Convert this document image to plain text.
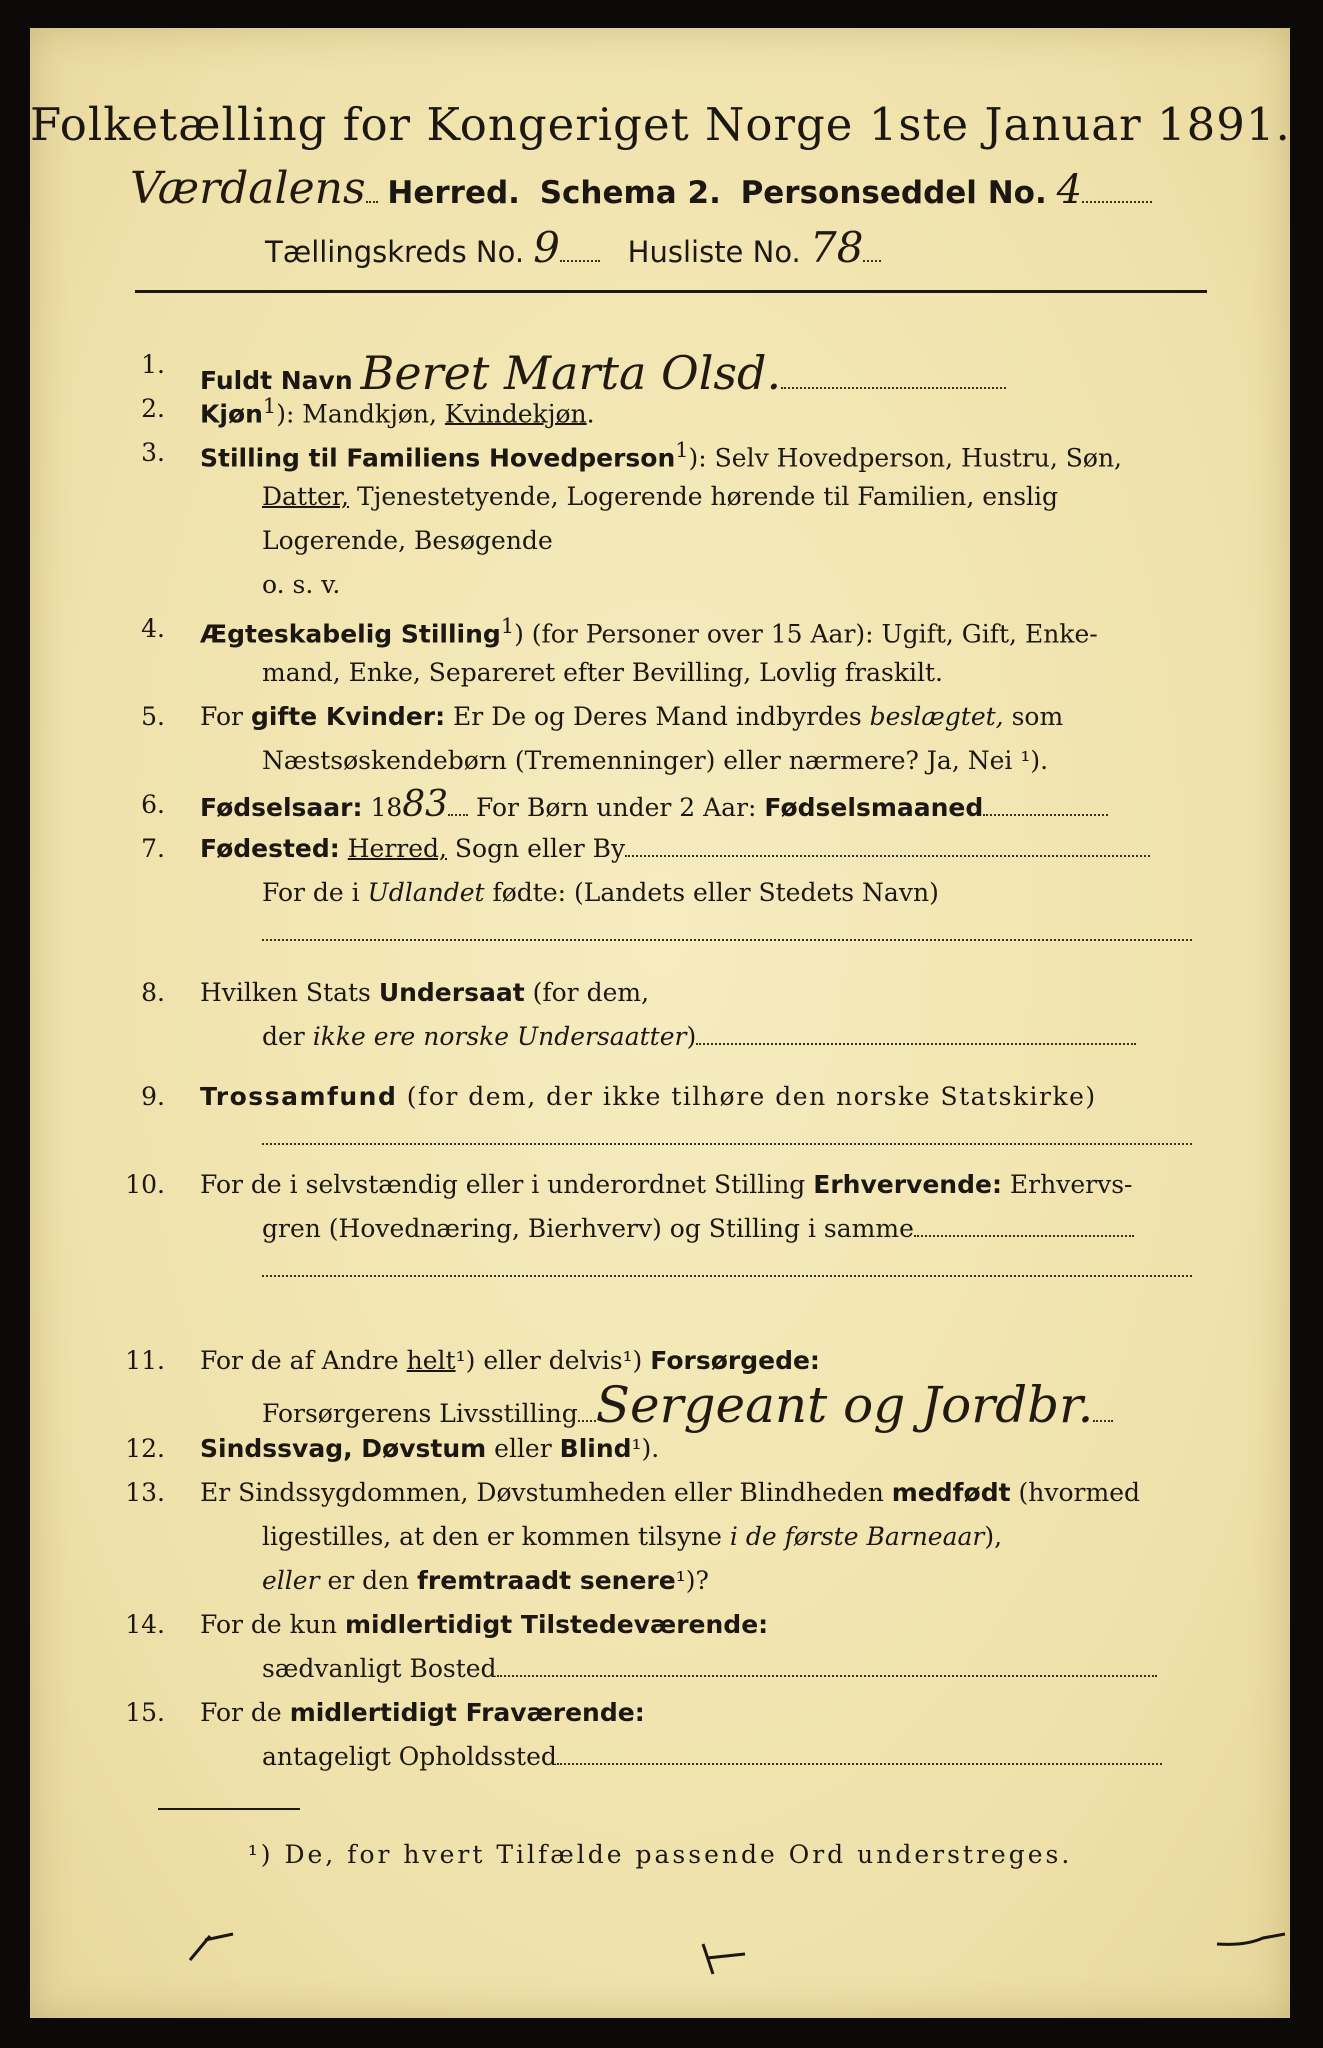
Folketælling for Kongeriget Norge 1ste Januar 1891.
Værdalens Herred. Schema 2. Personseddel No. 4
Tællingskreds No. 9 Husliste No. 78
1.
Fuldt Navn Beret Marta Olsd.
2. Kjøn$^1$): Mandkjøn, Kvindekjøn.
3. Stilling til Familiens Hovedperson$^1$): Selv Hovedperson, Hustru, Søn,
Datter, Tjenestetyende, Logerende hørende til Familien, enslig
Logerende, Besøgende
o. s. v.
4. Ægteskabelig Stilling$^1$) (for Personer over 15 Aar): Ugift, Gift, Enke-
mand, Enke, Separeret efter Bevilling, Lovlig fraskilt.
5. For gifte Kvinder: Er De og Deres Mand indbyrdes beslægtet, som
Næstsøskendebørn (Tremenninger) eller nærmere? Ja, Nei ¹).
6. Fødselsaar: 1883 For Børn under 2 Aar: Fødselsmaaned
7. Fødested: Herred, Sogn eller By
For de i Udlandet fødte: (Landets eller Stedets Navn)
8. Hvilken Stats Undersaat (for dem,
der ikke ere norske Undersaatter)
9. Trossamfund (for dem, der ikke tilhøre den norske Statskirke)
10. For de i selvstændig eller i underordnet Stilling Erhvervende: Erhvervs-
gren (Hovednæring, Bierhverv) og Stilling i samme
11. For de af Andre helt¹) eller delvis¹) Forsørgede:
Forsørgerens Livsstilling Sergeant og Jordbr.
12. Sindssvag, Døvstum eller Blind¹).
13. Er Sindssygdommen, Døvstumheden eller Blindheden medfødt (hvormed
ligestilles, at den er kommen tilsyne i de første Barneaar),
eller er den fremtraadt senere¹)?
14. For de kun midlertidigt Tilstedeværende:
sædvanligt Bosted
15. For de midlertidigt Fraværende:
antageligt Opholdssted
¹) De, for hvert Tilfælde passende Ord understreges.
